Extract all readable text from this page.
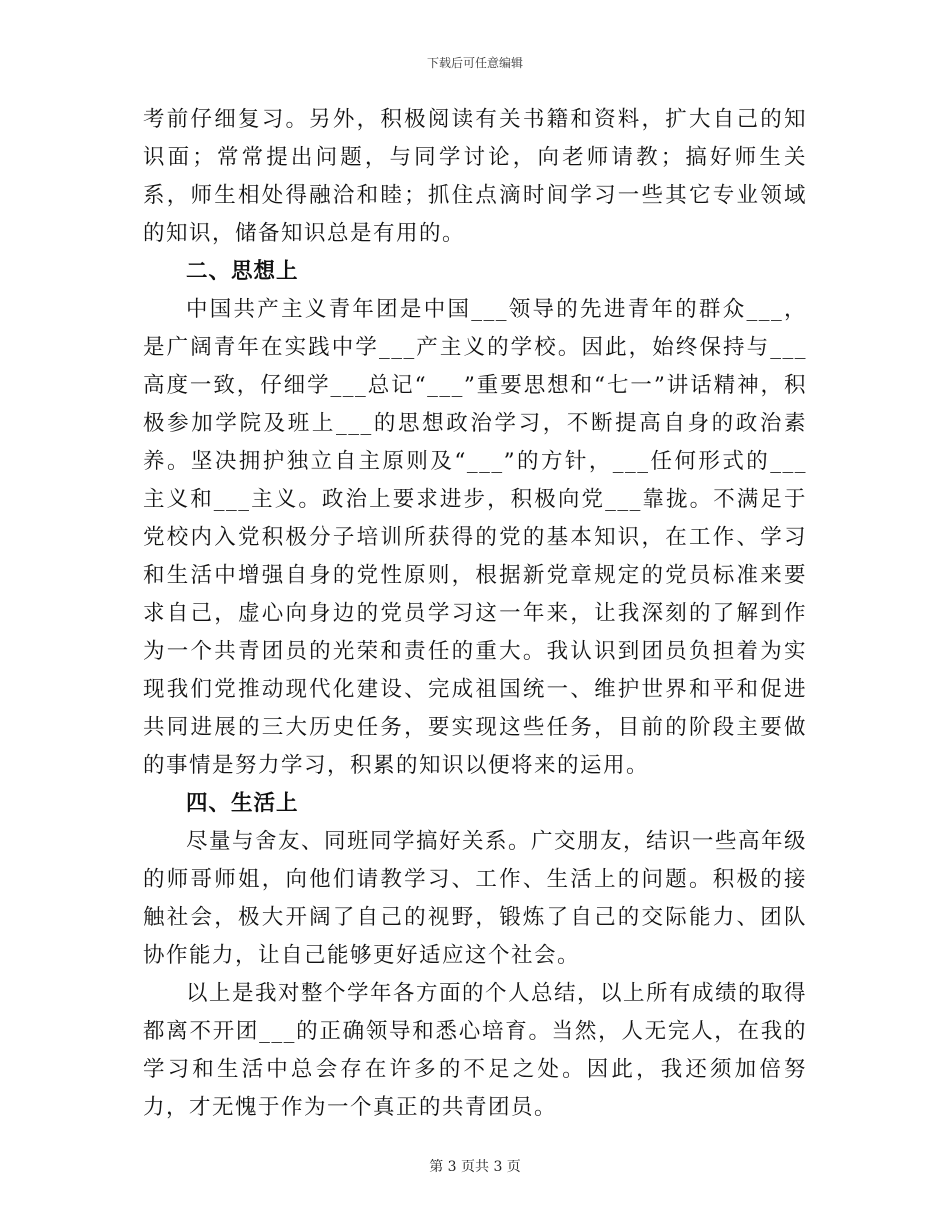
下载后可任意编辑

考前仔细复习。另外，积极阅读有关书籍和资料，扩大自己的知识面；常常提出问题，与同学讨论，向老师请教；搞好师生关系，师生相处得融洽和睦；抓住点滴时间学习一些其它专业领域的知识，储备知识总是有用的。

二、思想上

中国共产主义青年团是中国___领导的先进青年的群众___，是广阔青年在实践中学___产主义的学校。因此，始终保持与___高度一致，仔细学___总记“___”重要思想和“七一”讲话精神，积极参加学院及班上___的思想政治学习，不断提高自身的政治素养。坚决拥护独立自主原则及“___”的方针，___任何形式的___主义和___主义。政治上要求进步，积极向党___靠拢。不满足于党校内入党积极分子培训所获得的党的基本知识，在工作、学习和生活中增强自身的党性原则，根据新党章规定的党员标准来要求自己，虚心向身边的党员学习这一年来，让我深刻的了解到作为一个共青团员的光荣和责任的重大。我认识到团员负担着为实现我们党推动现代化建设、完成祖国统一、维护世界和平和促进共同进展的三大历史任务，要实现这些任务，目前的阶段主要做的事情是努力学习，积累的知识以便将来的运用。

四、生活上

尽量与舍友、同班同学搞好关系。广交朋友，结识一些高年级的师哥师姐，向他们请教学习、工作、生活上的问题。积极的接触社会，极大开阔了自己的视野，锻炼了自己的交际能力、团队协作能力，让自己能够更好适应这个社会。

以上是我对整个学年各方面的个人总结，以上所有成绩的取得都离不开团___的正确领导和悉心培育。当然，人无完人，在我的学习和生活中总会存在许多的不足之处。因此，我还须加倍努力，才无愧于作为一个真正的共青团员。

第 3 页共 3 页
